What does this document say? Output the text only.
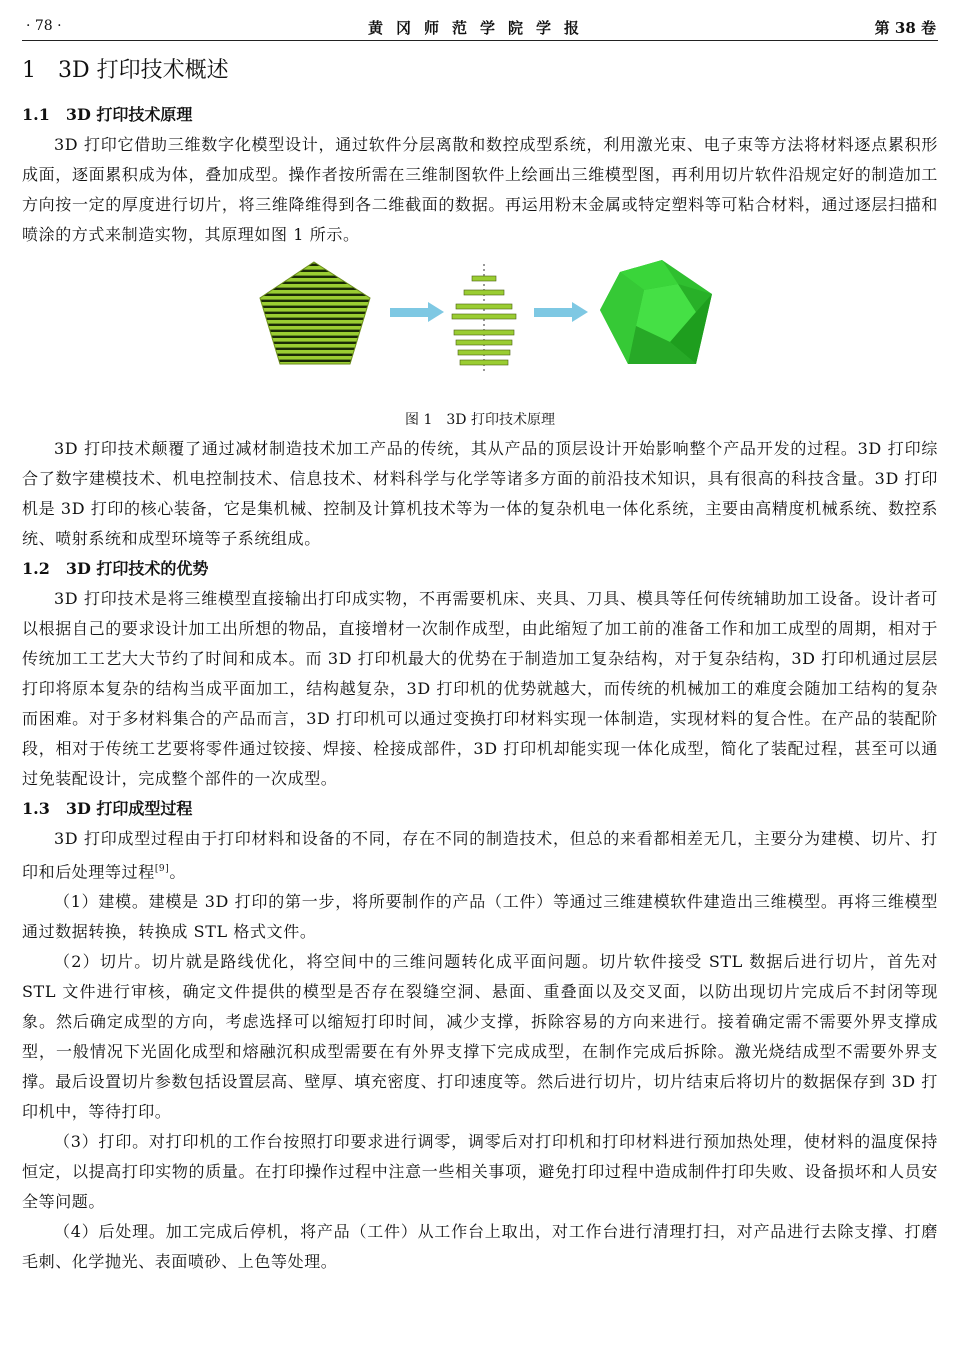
· 78 ·	黄冈师范学院学报	第 38 卷
1　3D 打印技术概述
1.1　3D 打印技术原理

3D 打印它借助三维数字化模型设计，通过软件分层离散和数控成型系统，利用激光束、电子束等方法将材料逐点累积形成面，逐面累积成为体，叠加成型。操作者按所需在三维制图软件上绘画出三维模型图，再利用切片软件沿规定好的制造加工方向按一定的厚度进行切片，将三维降维得到各二维截面的数据。再运用粉末金属或特定塑料等可粘合材料，通过逐层扫描和喷涂的方式来制造实物，其原理如图 1 所示。

图 1　3D 打印技术原理

3D 打印技术颠覆了通过减材制造技术加工产品的传统，其从产品的顶层设计开始影响整个产品开发的过程。3D 打印综合了数字建模技术、机电控制技术、信息技术、材料科学与化学等诸多方面的前沿技术知识，具有很高的科技含量。3D 打印机是 3D 打印的核心装备，它是集机械、控制及计算机技术等为一体的复杂机电一体化系统，主要由高精度机械系统、数控系统、喷射系统和成型环境等子系统组成。

1.2　3D 打印技术的优势

3D 打印技术是将三维模型直接输出打印成实物，不再需要机床、夹具、刀具、模具等任何传统辅助加工设备。设计者可以根据自己的要求设计加工出所想的物品，直接增材一次制作成型，由此缩短了加工前的准备工作和加工成型的周期，相对于传统加工工艺大大节约了时间和成本。而 3D 打印机最大的优势在于制造加工复杂结构，对于复杂结构，3D 打印机通过层层打印将原本复杂的结构当成平面加工，结构越复杂，3D 打印机的优势就越大，而传统的机械加工的难度会随加工结构的复杂而困难。对于多材料集合的产品而言，3D 打印机可以通过变换打印材料实现一体制造，实现材料的复合性。在产品的装配阶段，相对于传统工艺要将零件通过铰接、焊接、栓接成部件，3D 打印机却能实现一体化成型，简化了装配过程，甚至可以通过免装配设计，完成整个部件的一次成型。

1.3　3D 打印成型过程

3D 打印成型过程由于打印材料和设备的不同，存在不同的制造技术，但总的来看都相差无几，主要分为建模、切片、打印和后处理等过程[9]。

（1）建模。建模是 3D 打印的第一步，将所要制作的产品（工件）等通过三维建模软件建造出三维模型。再将三维模型通过数据转换，转换成 STL 格式文件。

（2）切片。切片就是路线优化，将空间中的三维问题转化成平面问题。切片软件接受 STL 数据后进行切片，首先对 STL 文件进行审核，确定文件提供的模型是否存在裂缝空洞、悬面、重叠面以及交叉面，以防出现切片完成后不封闭等现象。然后确定成型的方向，考虑选择可以缩短打印时间，减少支撑，拆除容易的方向来进行。接着确定需不需要外界支撑成型，一般情况下光固化成型和熔融沉积成型需要在有外界支撑下完成成型，在制作完成后拆除。激光烧结成型不需要外界支撑。最后设置切片参数包括设置层高、壁厚、填充密度、打印速度等。然后进行切片，切片结束后将切片的数据保存到 3D 打印机中，等待打印。

（3）打印。对打印机的工作台按照打印要求进行调零，调零后对打印机和打印材料进行预加热处理，使材料的温度保持恒定，以提高打印实物的质量。在打印操作过程中注意一些相关事项，避免打印过程中造成制件打印失败、设备损坏和人员安全等问题。

（4）后处理。加工完成后停机，将产品（工件）从工作台上取出，对工作台进行清理打扫，对产品进行去除支撑、打磨毛刺、化学抛光、表面喷砂、上色等处理。
